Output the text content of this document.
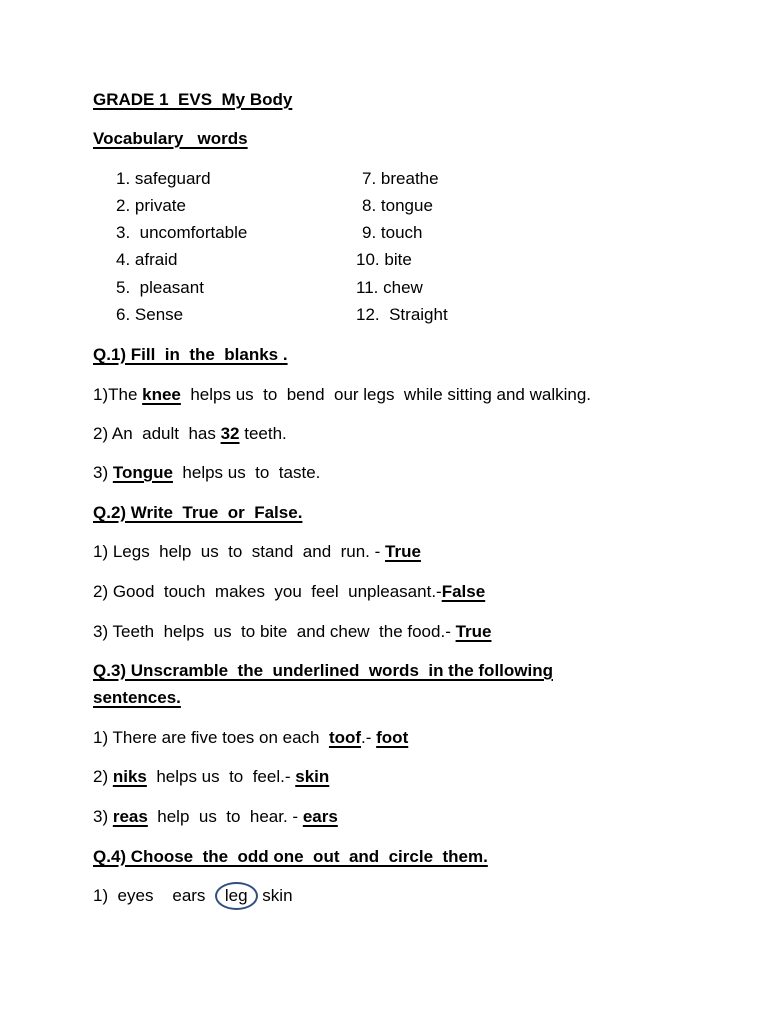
GRADE 1  EVS  My Body
Vocabulary   words
1. safeguard
2. private
3.  uncomfortable
4. afraid
5.  pleasant
6. Sense
7. breathe
8. tongue
9. touch
10. bite
11. chew
12.  Straight
Q.1) Fill  in  the  blanks .
1)The knee  helps us  to  bend  our legs  while sitting and walking.
2) An  adult  has 32 teeth.
3) Tongue  helps us  to  taste.
Q.2) Write  True  or  False.
1) Legs  help  us  to  stand  and  run. - True
2) Good  touch  makes  you  feel  unpleasant.-False
3) Teeth  helps  us  to bite  and chew  the food.- True
Q.3) Unscramble  the  underlined  words  in the following
sentences.
1) There are five toes on each  toof.- foot
2) niks  helps us  to  feel.- skin
3) reas  help  us  to  hear. - ears
Q.4) Choose  the  odd one  out  and  circle  them.
1)  eyes    ears  leg skin
